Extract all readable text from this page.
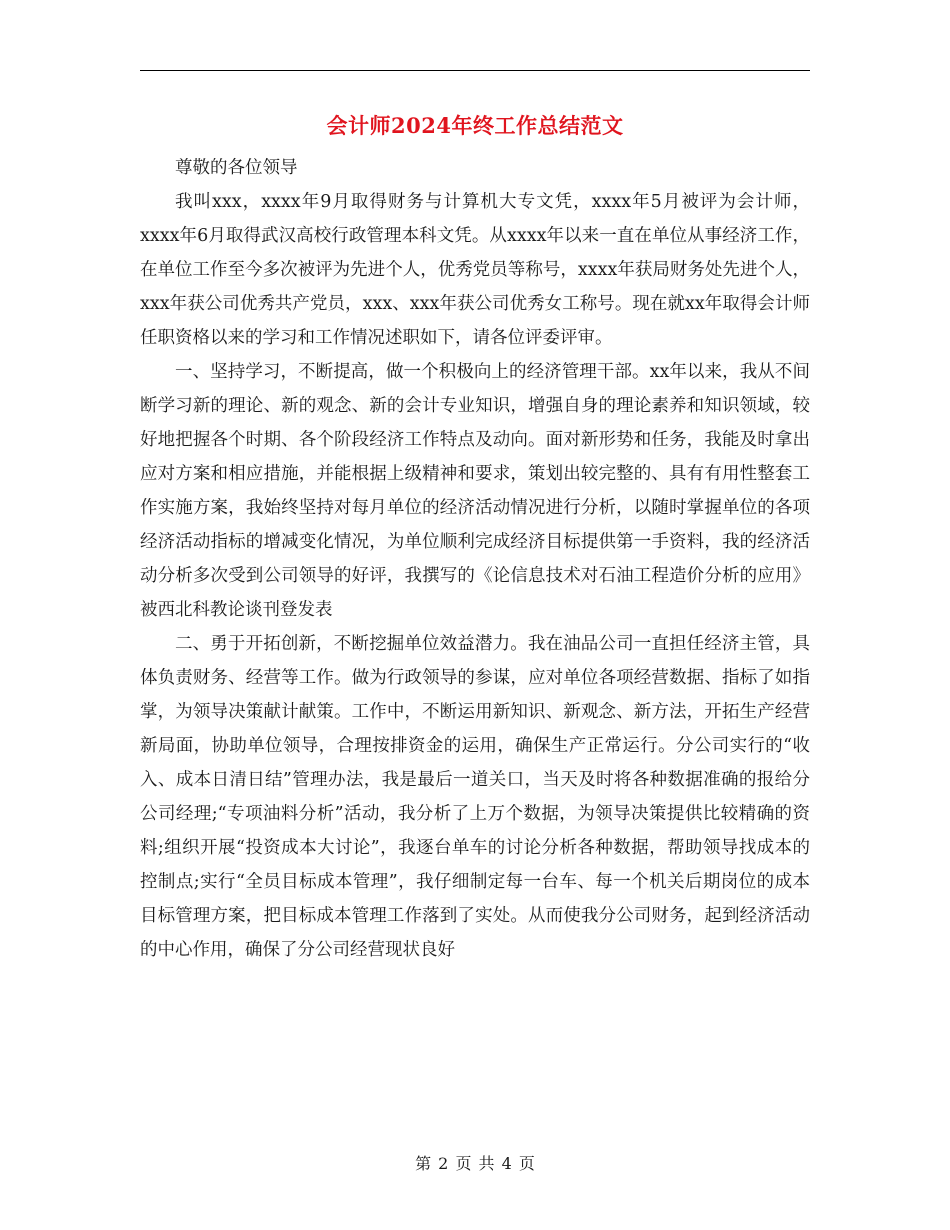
会计师2024年终工作总结范文

尊敬的各位领导

我叫xxx，xxxx年9月取得财务与计算机大专文凭，xxxx年5月被评为会计师，xxxx年6月取得武汉高校行政管理本科文凭。从xxxx年以来一直在单位从事经济工作，在单位工作至今多次被评为先进个人，优秀党员等称号，xxxx年获局财务处先进个人，xxx年获公司优秀共产党员，xxx、xxx年获公司优秀女工称号。现在就xx年取得会计师任职资格以来的学习和工作情况述职如下，请各位评委评审。

一、坚持学习，不断提高，做一个积极向上的经济管理干部。xx年以来，我从不间断学习新的理论、新的观念、新的会计专业知识，增强自身的理论素养和知识领域，较好地把握各个时期、各个阶段经济工作特点及动向。面对新形势和任务，我能及时拿出应对方案和相应措施，并能根据上级精神和要求，策划出较完整的、具有有用性整套工作实施方案，我始终坚持对每月单位的经济活动情况进行分析，以随时掌握单位的各项经济活动指标的增减变化情况，为单位顺利完成经济目标提供第一手资料，我的经济活动分析多次受到公司领导的好评，我撰写的《论信息技术对石油工程造价分析的应用》被西北科教论谈刊登发表

二、勇于开拓创新，不断挖掘单位效益潜力。我在油品公司一直担任经济主管，具体负责财务、经营等工作。做为行政领导的参谋，应对单位各项经营数据、指标了如指掌，为领导决策献计献策。工作中，不断运用新知识、新观念、新方法，开拓生产经营新局面，协助单位领导，合理按排资金的运用，确保生产正常运行。分公司实行的“收入、成本日清日结”管理办法，我是最后一道关口，当天及时将各种数据准确的报给分公司经理;“专项油料分析”活动，我分析了上万个数据，为领导决策提供比较精确的资料;组织开展“投资成本大讨论”，我逐台单车的讨论分析各种数据，帮助领导找成本的控制点;实行“全员目标成本管理”，我仔细制定每一台车、每一个机关后期岗位的成本目标管理方案，把目标成本管理工作落到了实处。从而使我分公司财务，起到经济活动的中心作用，确保了分公司经营现状良好

第 2 页 共 4 页
